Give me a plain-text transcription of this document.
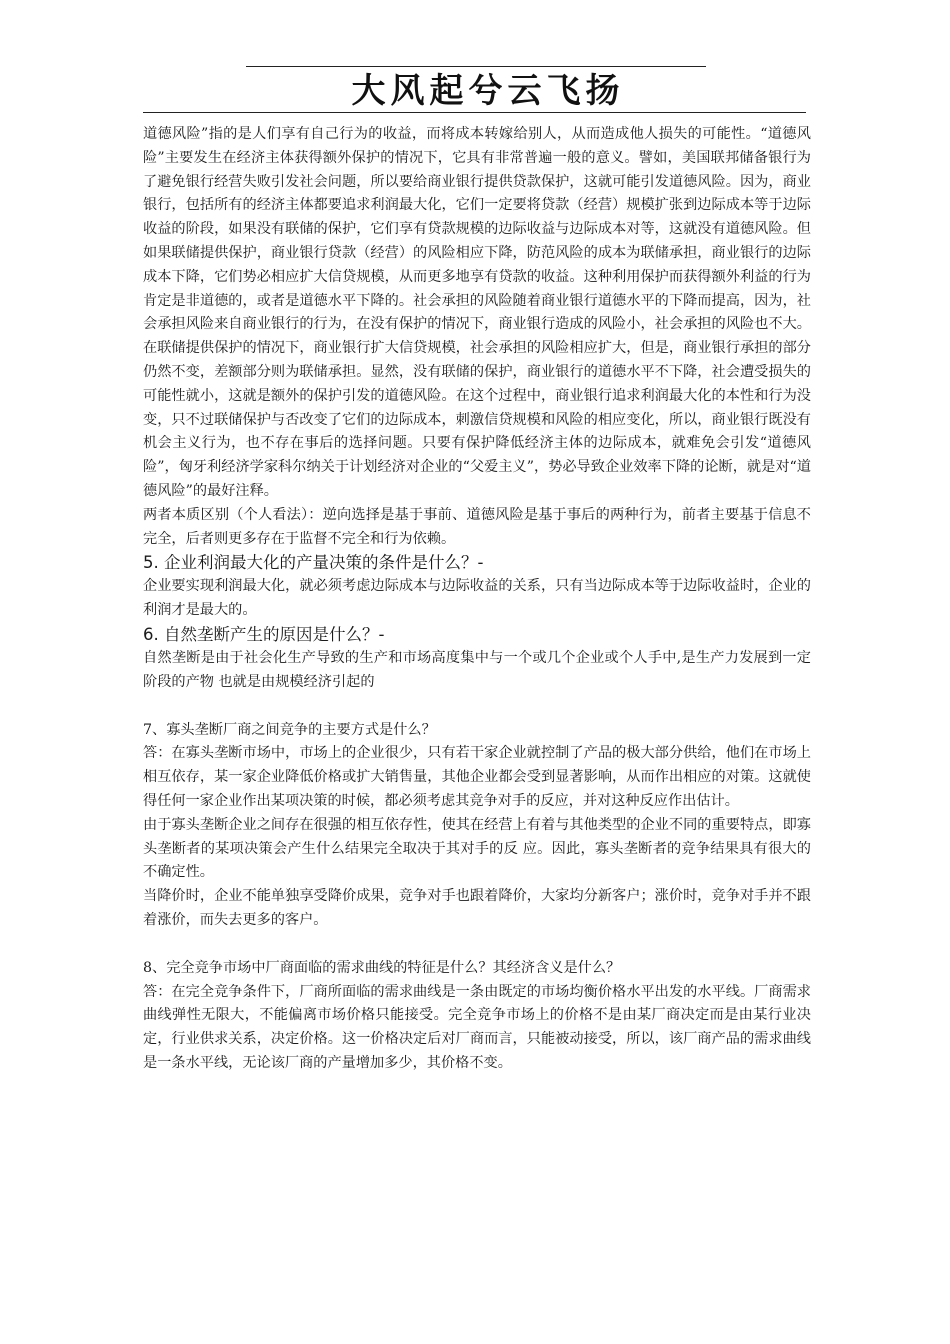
大风起兮云飞扬

道德风险”指的是人们享有自己行为的收益，而将成本转嫁给别人，从而造成他人损失的可能性。“道德风险”主要发生在经济主体获得额外保护的情况下，它具有非常普遍一般的意义。譬如，美国联邦储备银行为了避免银行经营失败引发社会问题，所以要给商业银行提供贷款保护，这就可能引发道德风险。因为，商业银行，包括所有的经济主体都要追求利润最大化，它们一定要将贷款（经营）规模扩张到边际成本等于边际收益的阶段，如果没有联储的保护，它们享有贷款规模的边际收益与边际成本对等，这就没有道德风险。但如果联储提供保护，商业银行贷款（经营）的风险相应下降，防范风险的成本为联储承担，商业银行的边际成本下降，它们势必相应扩大信贷规模，从而更多地享有贷款的收益。这种利用保护而获得额外利益的行为肯定是非道德的，或者是道德水平下降的。社会承担的风险随着商业银行道德水平的下降而提高，因为，社会承担风险来自商业银行的行为，在没有保护的情况下，商业银行造成的风险小，社会承担的风险也不大。在联储提供保护的情况下，商业银行扩大信贷规模，社会承担的风险相应扩大，但是，商业银行承担的部分仍然不变，差额部分则为联储承担。显然，没有联储的保护，商业银行的道德水平不下降，社会遭受损失的可能性就小，这就是额外的保护引发的道德风险。在这个过程中，商业银行追求利润最大化的本性和行为没变，只不过联储保护与否改变了它们的边际成本，刺激信贷规模和风险的相应变化，所以，商业银行既没有机会主义行为，也不存在事后的选择问题。只要有保护降低经济主体的边际成本，就难免会引发“道德风险”，匈牙利经济学家科尔纳关于计划经济对企业的“父爱主义”，势必导致企业效率下降的论断，就是对“道德风险”的最好注释。

两者本质区别（个人看法）：逆向选择是基于事前、道德风险是基于事后的两种行为，前者主要基于信息不完全，后者则更多存在于监督不完全和行为依赖。

5. 企业利润最大化的产量决策的条件是什么？-

企业要实现利润最大化，就必须考虑边际成本与边际收益的关系，只有当边际成本等于边际收益时，企业的利润才是最大的。

6. 自然垄断产生的原因是什么？-

自然垄断是由于社会化生产导致的生产和市场高度集中与一个或几个企业或个人手中,是生产力发展到一定阶段的产物 也就是由规模经济引起的

7、寡头垄断厂商之间竞争的主要方式是什么？

答：在寡头垄断市场中，市场上的企业很少，只有若干家企业就控制了产品的极大部分供给，他们在市场上相互依存，某一家企业降低价格或扩大销售量，其他企业都会受到显著影响，从而作出相应的对策。这就使得任何一家企业作出某项决策的时候，都必须考虑其竞争对手的反应，并对这种反应作出估计。

由于寡头垄断企业之间存在很强的相互依存性，使其在经营上有着与其他类型的企业不同的重要特点，即寡头垄断者的某项决策会产生什么结果完全取决于其对手的反 应。因此，寡头垄断者的竞争结果具有很大的不确定性。

当降价时，企业不能单独享受降价成果，竞争对手也跟着降价，大家均分新客户；涨价时，竞争对手并不跟着涨价，而失去更多的客户。

8、完全竞争市场中厂商面临的需求曲线的特征是什么？其经济含义是什么？

答：在完全竞争条件下，厂商所面临的需求曲线是一条由既定的市场均衡价格水平出发的水平线。厂商需求曲线弹性无限大，不能偏离市场价格只能接受。完全竞争市场上的价格不是由某厂商决定而是由某行业决定，行业供求关系，决定价格。这一价格决定后对厂商而言，只能被动接受，所以，该厂商产品的需求曲线是一条水平线，无论该厂商的产量增加多少，其价格不变。
